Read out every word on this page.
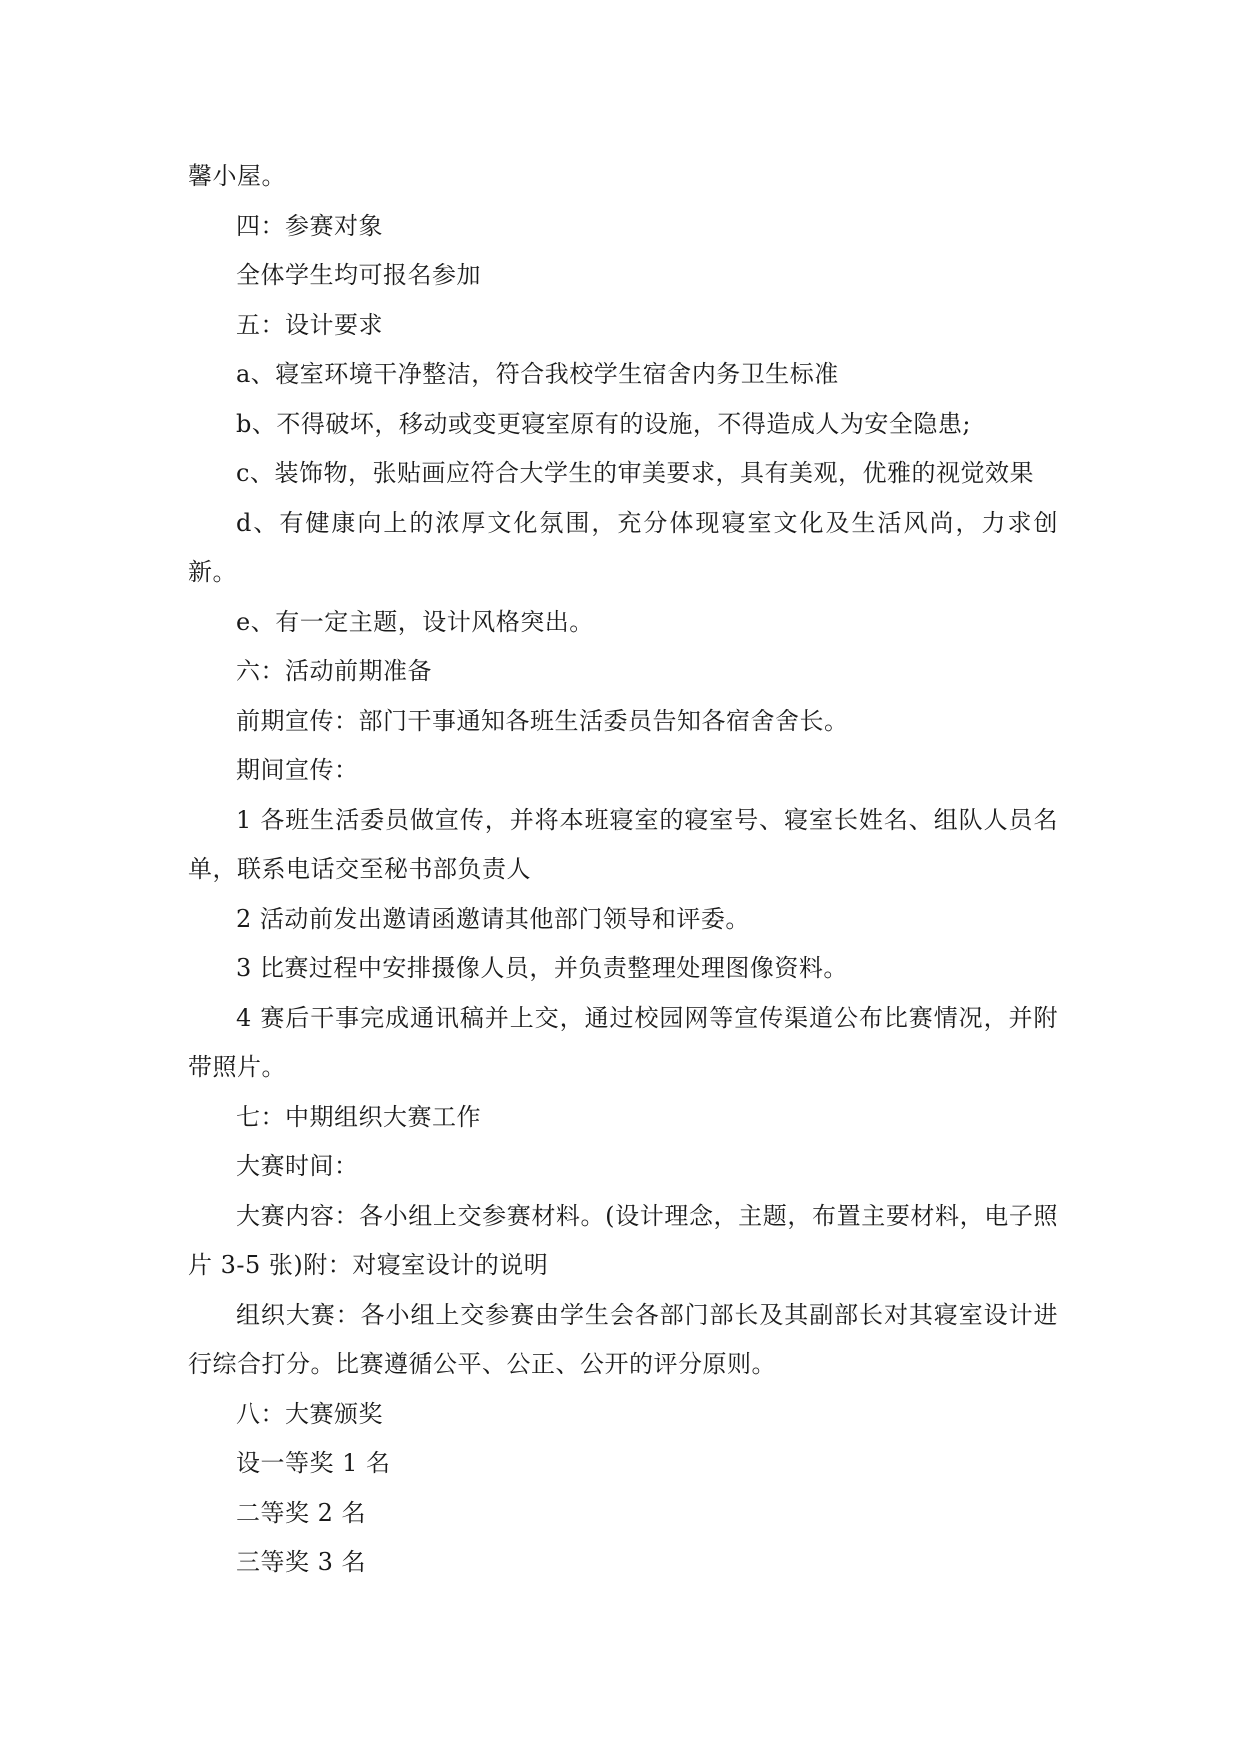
馨小屋。

四：参赛对象

全体学生均可报名参加

五：设计要求

a、寝室环境干净整洁，符合我校学生宿舍内务卫生标准

b、不得破坏，移动或变更寝室原有的设施，不得造成人为安全隐患;

c、装饰物，张贴画应符合大学生的审美要求，具有美观，优雅的视觉效果

d、有健康向上的浓厚文化氛围，充分体现寝室文化及生活风尚，力求创新。

e、有一定主题，设计风格突出。

六：活动前期准备

前期宣传：部门干事通知各班生活委员告知各宿舍舍长。

期间宣传：

1 各班生活委员做宣传，并将本班寝室的寝室号、寝室长姓名、组队人员名单，联系电话交至秘书部负责人

2 活动前发出邀请函邀请其他部门领导和评委。

3 比赛过程中安排摄像人员，并负责整理处理图像资料。

4 赛后干事完成通讯稿并上交，通过校园网等宣传渠道公布比赛情况，并附带照片。

七：中期组织大赛工作

大赛时间：

大赛内容：各小组上交参赛材料。(设计理念，主题，布置主要材料，电子照片 3-5 张)附：对寝室设计的说明

组织大赛：各小组上交参赛由学生会各部门部长及其副部长对其寝室设计进行综合打分。比赛遵循公平、公正、公开的评分原则。

八：大赛颁奖

设一等奖 1 名

二等奖 2 名

三等奖 3 名
